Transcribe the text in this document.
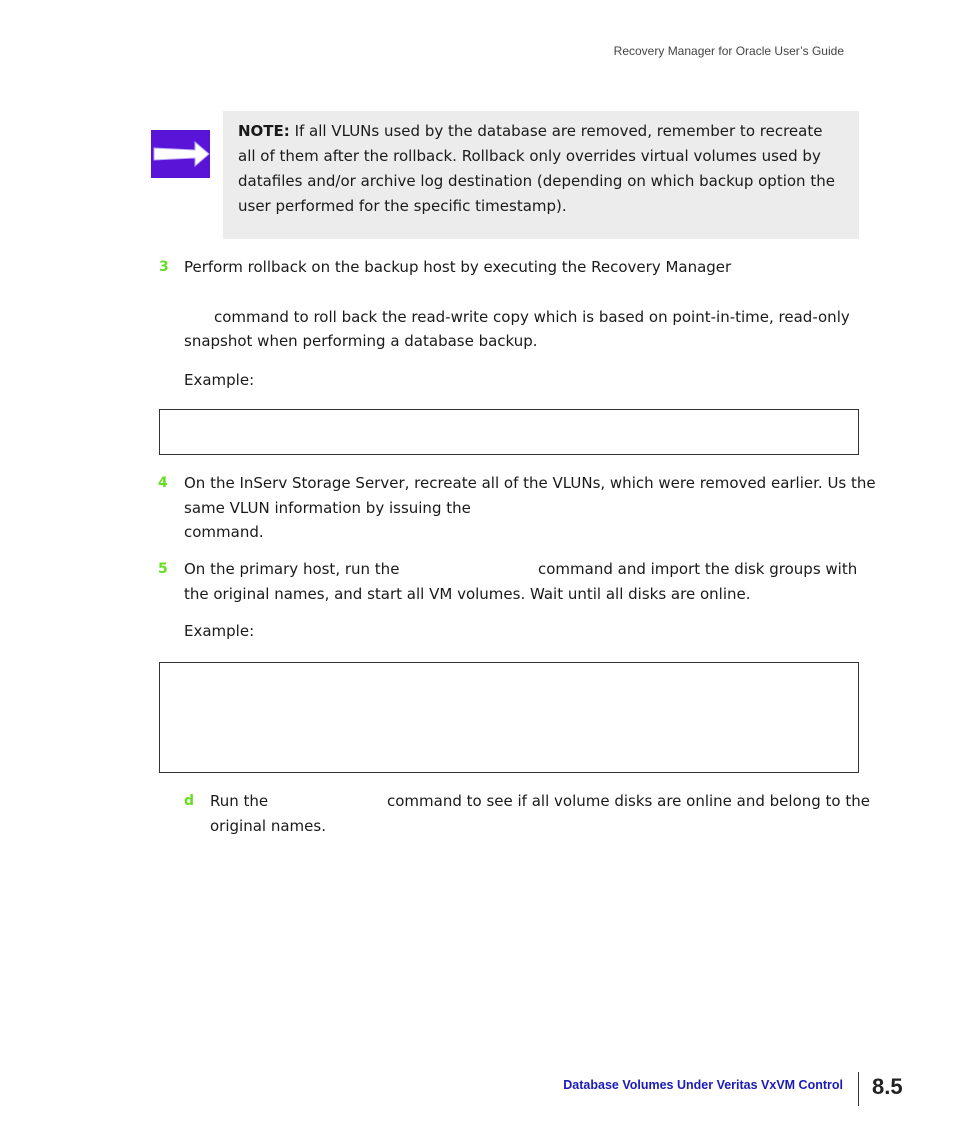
Recovery Manager for Oracle User’s Guide
NOTE: If all VLUNs used by the database are removed, remember to recreate all of them after the rollback. Rollback only overrides virtual volumes used by datafiles and/or archive log destination (depending on which backup option the user performed for the specific timestamp).
3 Perform rollback on the backup host by executing the Recovery Manager
command to roll back the read-write copy which is based on point-in-time, read-only
snapshot when performing a database backup.
Example:
4 On the InServ Storage Server, recreate all of the VLUNs, which were removed earlier. Us the
same VLUN information by issuing the
command.
5 On the primary host, run the	command and import the disk groups with
the original names, and start all VM volumes. Wait until all disks are online.
Example:
d Run the	command to see if all volume disks are online and belong to the
original names.
Database Volumes Under Veritas VxVM Control 8.5
